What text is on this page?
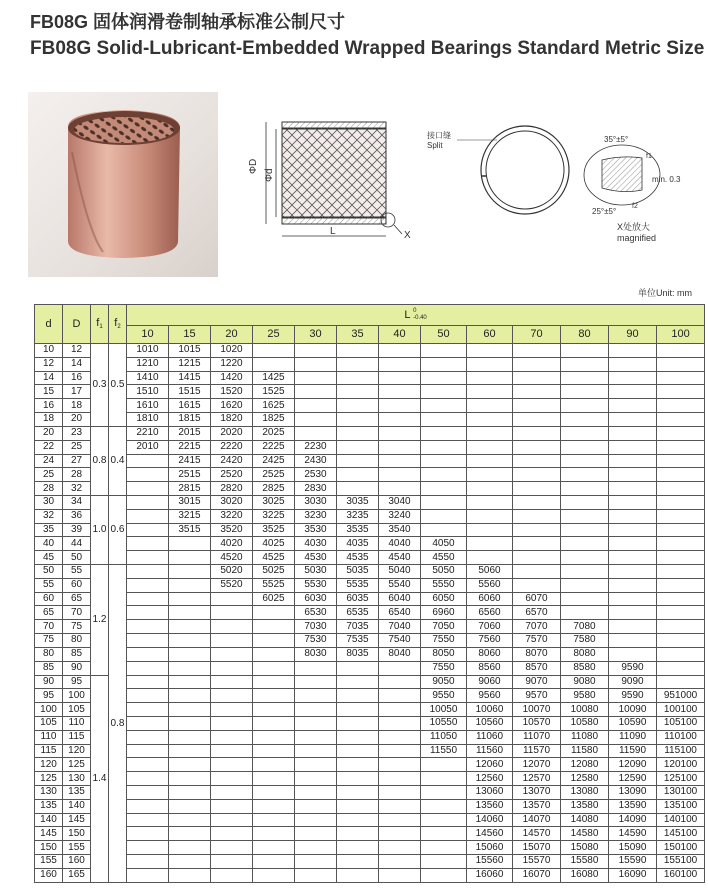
FB08G 固体润滑卷制轴承标准公制尺寸
FB08G Solid-Lubricant-Embedded Wrapped Bearings Standard Metric Size
ΦD
Φd
L	X
接口缝
Split
35°±5°
25°±5°
f1
f2
min. 0.3
X处放大
magnified
单位Unit: mm
d	D	$f_1$	$f_2$	L 0
-0.40												
				10	15	20	25	30	35	40	50	60	70	80	90	100
10	12	0.3	0.5	1010	1015	1020										
12	14			1210	1215	1220										
14	16			1410	1415	1420	1425									
15	17			1510	1515	1520	1525									
16	18			1610	1615	1620	1625									
18	20			1810	1815	1820	1825									
20	23	0.8	0.4	2210	2015	2020	2025									
22	25			2010	2215	2220	2225	2230								
24	27				2415	2420	2425	2430								
25	28				2515	2520	2525	2530								
28	32				2815	2820	2825	2830								
30	34	1.0	0.6		3015	3020	3025	3030	3035	3040						
32	36				3215	3220	3225	3230	3235	3240						
35	39				3515	3520	3525	3530	3535	3540						
40	44					4020	4025	4030	4035	4040	4050					
45	50					4520	4525	4530	4535	4540	4550					
50	55	1.2	0.8			5020	5025	5030	5035	5040	5050	5060				
55	60					5520	5525	5530	5535	5540	5550	5560				
60	65						6025	6030	6035	6040	6050	6060	6070			
65	70							6530	6535	6540	6960	6560	6570			
70	75							7030	7035	7040	7050	7060	7070	7080		
75	80							7530	7535	7540	7550	7560	7570	7580		
80	85							8030	8035	8040	8050	8060	8070	8080		
85	90										7550	8560	8570	8580	9590	
90	95	1.4									9050	9060	9070	9080	9090	
95	100										9550	9560	9570	9580	9590	951000
100	105										10050	10060	10070	10080	10090	100100
105	110										10550	10560	10570	10580	10590	105100
110	115										11050	11060	11070	11080	11090	110100
115	120										11550	11560	11570	11580	11590	115100
120	125											12060	12070	12080	12090	120100
125	130											12560	12570	12580	12590	125100
130	135											13060	13070	13080	13090	130100
135	140											13560	13570	13580	13590	135100
140	145											14060	14070	14080	14090	140100
145	150											14560	14570	14580	14590	145100
150	155											15060	15070	15080	15090	150100
155	160											15560	15570	15580	15590	155100
160	165											16060	16070	16080	16090	160100
